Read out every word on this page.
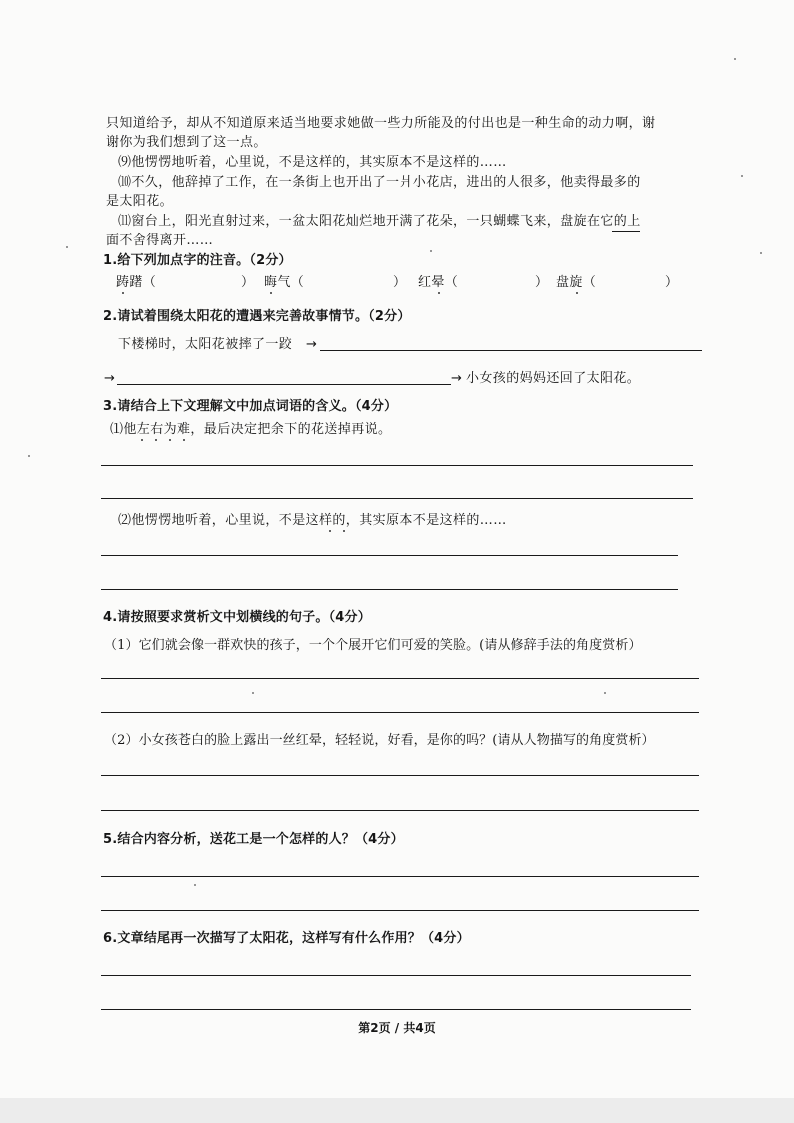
只知道给予，却从不知道原来适当地要求她做一些力所能及的付出也是一种生命的动力啊，谢
谢你为我们想到了这一点。
⑼他愣愣地听着，心里说，不是这样的，其实原本不是这样的……
⑽不久，他辞掉了工作，在一条街上也开出了一爿小花店，进出的人很多，他卖得最多的
是太阳花。
⑾窗台上，阳光直射过来，一盆太阳花灿烂地开满了花朵，一只蝴蝶飞来，盘旋在它的上
面不舍得离开……
1.给下列加点字的注音。（2分）
踌躇（	） 晦气（	） 红晕（	） 盘旋（	）
2.请试着围绕太阳花的遭遇来完善故事情节。（2分）
下楼梯时，太阳花被摔了一跤 →
→	→ 小女孩的妈妈还回了太阳花。
3.请结合上下文理解文中加点词语的含义。（4分）
⑴他左右为难，最后决定把余下的花送掉再说。
⑵他愣愣地听着，心里说，不是这样的，其实原本不是这样的……
4.请按照要求赏析文中划横线的句子。（4分）
（1）它们就会像一群欢快的孩子，一个个展开它们可爱的笑脸。(请从修辞手法的角度赏析）
（2）小女孩苍白的脸上露出一丝红晕，轻轻说，好看，是你的吗？(请从人物描写的角度赏析）
5.结合内容分析，送花工是一个怎样的人？（4分）
6.文章结尾再一次描写了太阳花，这样写有什么作用？（4分）
第2页 / 共4页
